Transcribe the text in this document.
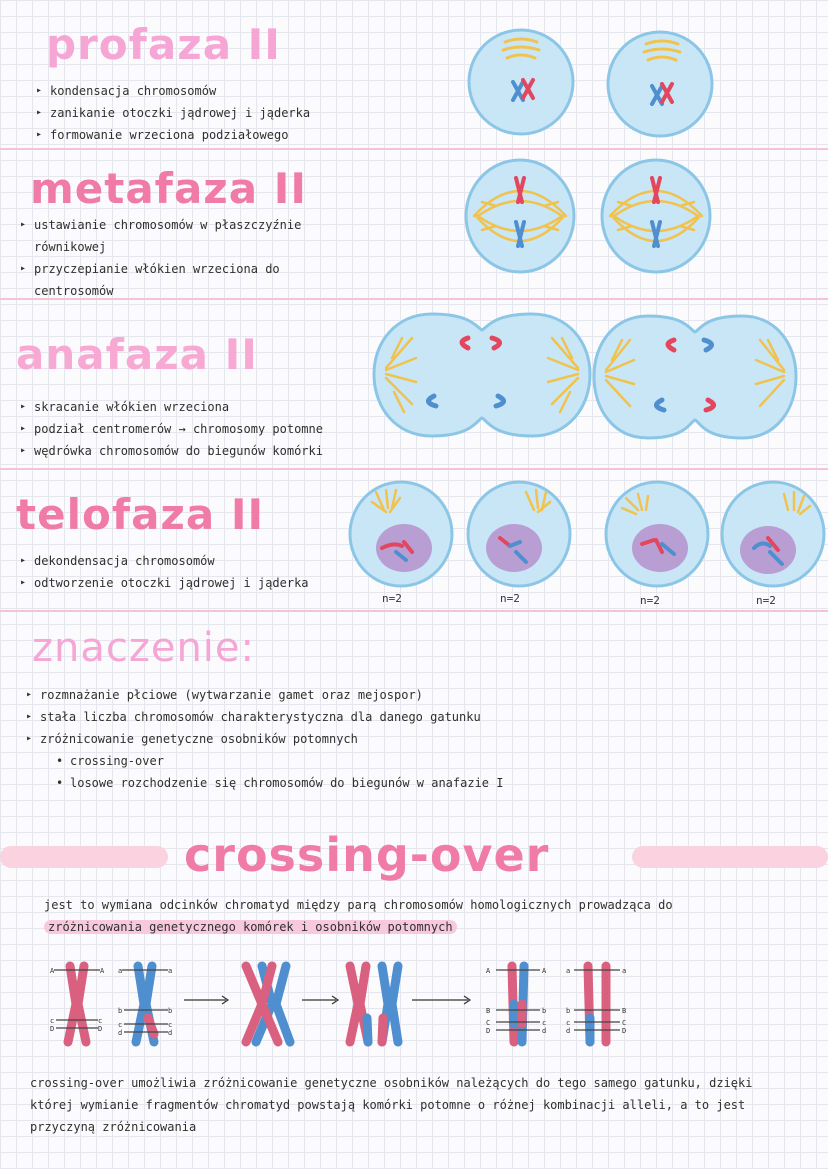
profaza II
▸ kondensacja chromosomów
▸ zanikanie otoczki jądrowej i jąderka
▸ formowanie wrzeciona podziałowego
metafaza II
▸ ustawianie chromosomów w płaszczyźnie równikowej
▸ przyczepianie włókien wrzeciona do centrosomów
anafaza II
▸ skracanie włókien wrzeciona
▸ podział centromerów → chromosomy potomne
▸ wędrówka chromosomów do biegunów komórki
telofaza II
▸ dekondensacja chromosomów
▸ odtworzenie otoczki jądrowej i jąderka
n=2	n=2	n=2	n=2
znaczenie:
▸ rozmnażanie płciowe (wytwarzanie gamet oraz mejospor)
▸ stała liczba chromosomów charakterystyczna dla danego gatunku
▸ zróżnicowanie genetyczne osobników potomnych
• crossing-over
• losowe rozchodzenie się chromosomów do biegunów w anafazie I
crossing-over
jest to wymiana odcinków chromatyd między parą chromosomów homologicznych prowadząca do
zróżnicowania genetycznego komórek i osobników potomnych
A	A a	a
b	b
c	c c	c
D	D d	d
A	A	a	a
B	b	b	B
C	c	c	C
D	d	d	D
crossing-over umożliwia zróżnicowanie genetyczne osobników należących do tego samego gatunku, dzięki której wymianie fragmentów chromatyd powstają komórki potomne o różnej kombinacji alleli, a to jest przyczyną zróżnicowania
